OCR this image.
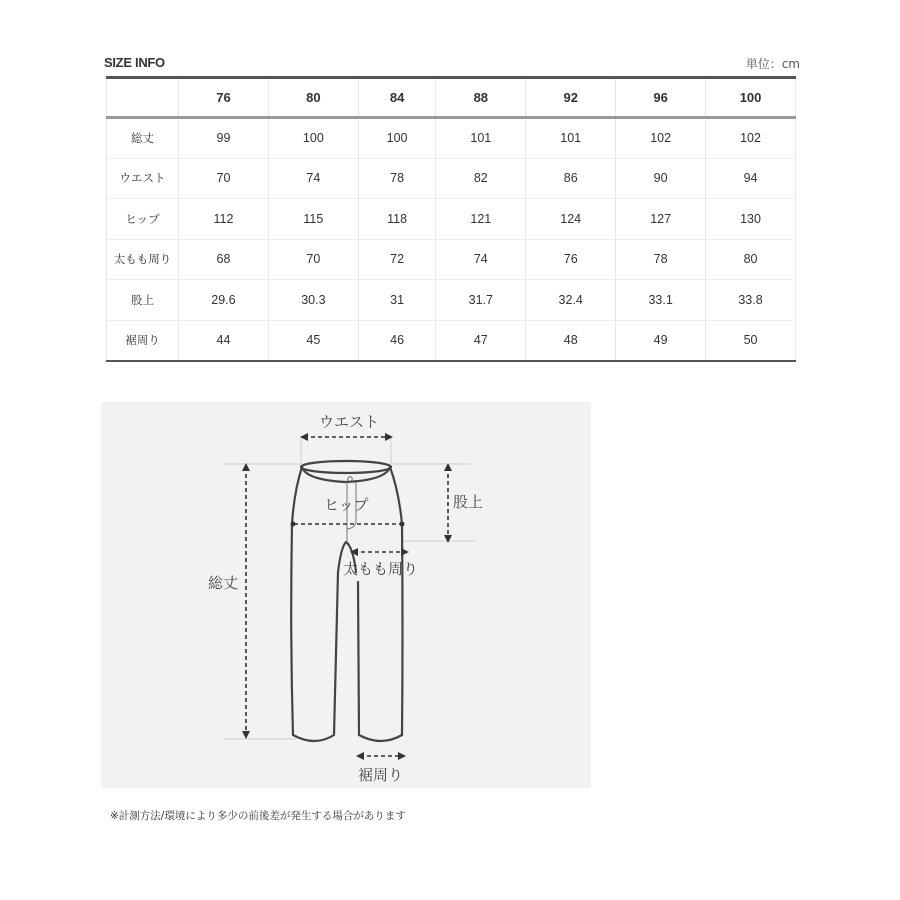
SIZE INFO	単位：cm
	76	80	84	88	92	96	100
総丈	99	100	100	101	101	102	102
ウエスト	70	74	78	82	86	90	94
ヒップ	112	115	118	121	124	127	130
太もも周り	68	70	72	74	76	78	80
股上	29.6	30.3	31	31.7	32.4	33.1	33.8
裾周り	44	45	46	47	48	49	50
ウエスト
ヒップ	股上
太もも周り
総丈
裾周り
※計測方法/環境により多少の前後差が発生する場合があります
